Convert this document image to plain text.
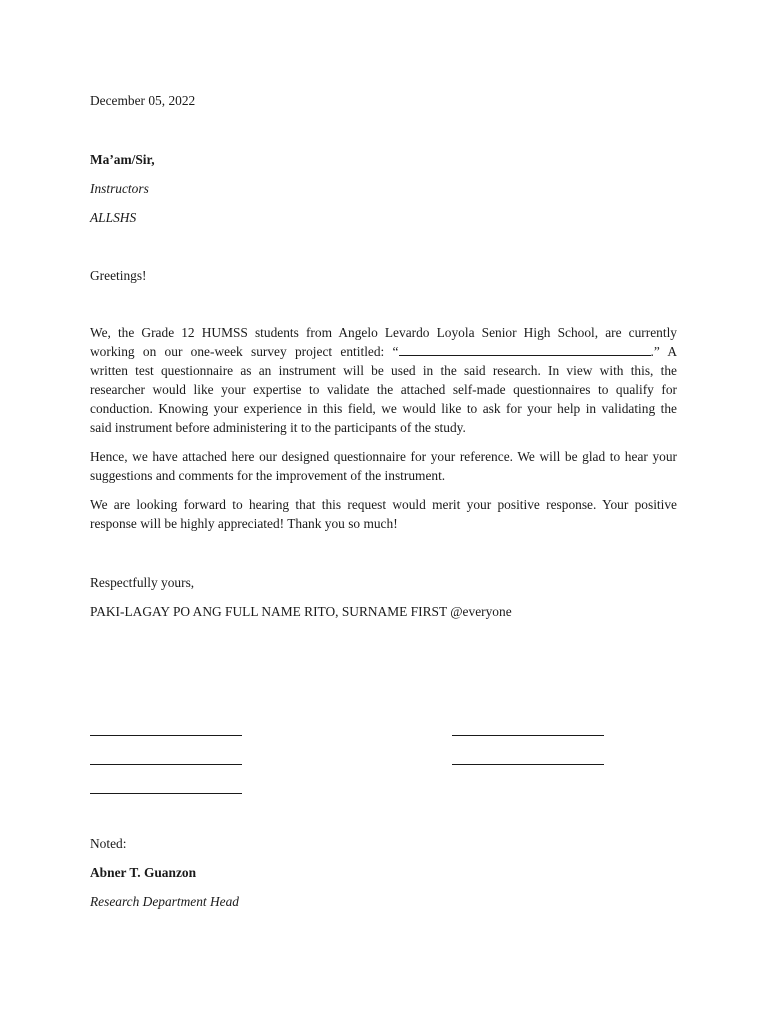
December 05, 2022
Ma’am/Sir,
Instructors
ALLSHS
Greetings!
We, the Grade 12 HUMSS students from Angelo Levardo Loyola Senior High School, are currently
working on our one-week survey project entitled: “	.” A
written test questionnaire as an instrument will be used in the said research. In view with this, the
researcher would like your expertise to validate the attached self-made questionnaires to qualify for
conduction. Knowing your experience in this field, we would like to ask for your help in validating the
said instrument before administering it to the participants of the study.
Hence, we have attached here our designed questionnaire for your reference. We will be glad to hear your
suggestions and comments for the improvement of the instrument.
We are looking forward to hearing that this request would merit your positive response. Your positive
response will be highly appreciated! Thank you so much!
Respectfully yours,
PAKI-LAGAY PO ANG FULL NAME RITO, SURNAME FIRST @everyone
Noted:
Abner T. Guanzon
Research Department Head
